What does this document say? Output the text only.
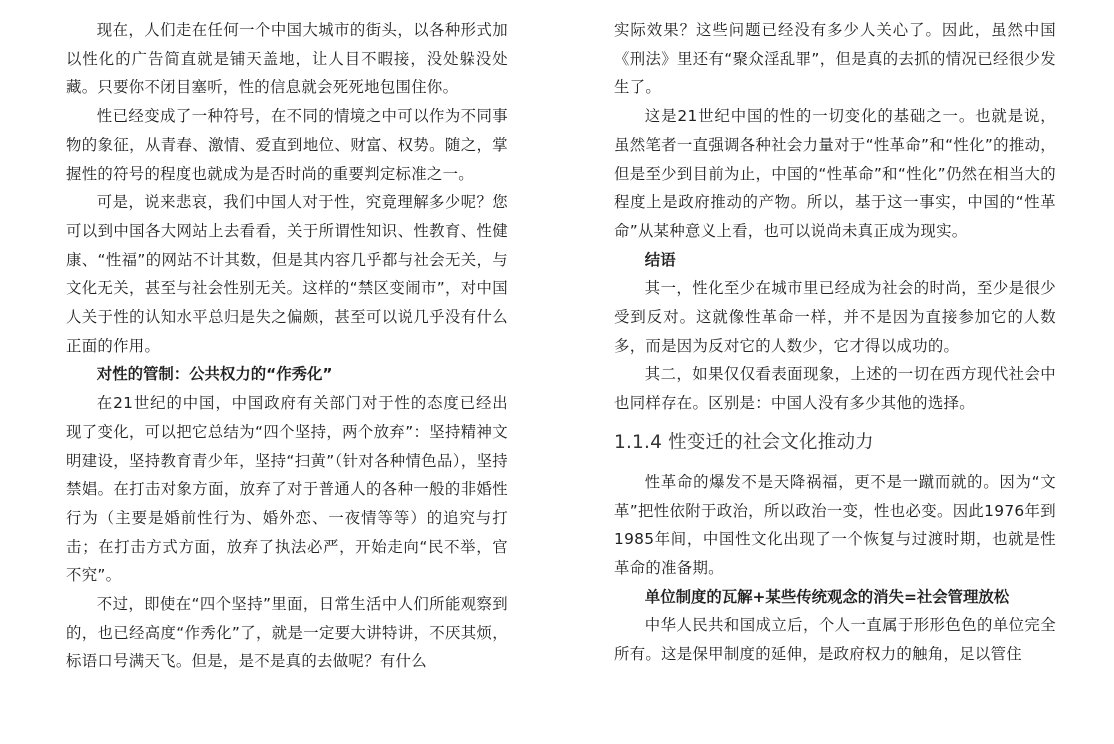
现在，人们走在任何一个中国大城市的街头，以各种形式加以性化的广告简直就是铺天盖地，让人目不暇接，没处躲没处藏。只要你不闭目塞听，性的信息就会死死地包围住你。

性已经变成了一种符号，在不同的情境之中可以作为不同事物的象征，从青春、激情、爱直到地位、财富、权势。随之，掌握性的符号的程度也就成为是否时尚的重要判定标准之一。

可是，说来悲哀，我们中国人对于性，究竟理解多少呢？您可以到中国各大网站上去看看，关于所谓性知识、性教育、性健康、“性福”的网站不计其数，但是其内容几乎都与社会无关，与文化无关，甚至与社会性别无关。这样的“禁区变闹市”，对中国人关于性的认知水平总归是失之偏颇，甚至可以说几乎没有什么正面的作用。

对性的管制：公共权力的“作秀化”

在21世纪的中国，中国政府有关部门对于性的态度已经出现了变化，可以把它总结为“四个坚持，两个放弃”：坚持精神文明建设，坚持教育青少年，坚持“扫黄”（针对各种情色品），坚持禁娼。在打击对象方面，放弃了对于普通人的各种一般的非婚性行为（主要是婚前性行为、婚外恋、一夜情等等）的追究与打击；在打击方式方面，放弃了执法必严，开始走向“民不举，官不究”。

不过，即使在“四个坚持”里面，日常生活中人们所能观察到的，也已经高度“作秀化”了，就是一定要大讲特讲，不厌其烦，标语口号满天飞。但是，是不是真的去做呢？有什么

实际效果？这些问题已经没有多少人关心了。因此，虽然中国《刑法》里还有“聚众淫乱罪”，但是真的去抓的情况已经很少发生了。

这是21世纪中国的性的一切变化的基础之一。也就是说，虽然笔者一直强调各种社会力量对于“性革命”和“性化”的推动，但是至少到目前为止，中国的“性革命”和“性化”仍然在相当大的程度上是政府推动的产物。所以，基于这一事实，中国的“性革命”从某种意义上看，也可以说尚未真正成为现实。

结语

其一，性化至少在城市里已经成为社会的时尚，至少是很少受到反对。这就像性革命一样，并不是因为直接参加它的人数多，而是因为反对它的人数少，它才得以成功的。

其二，如果仅仅看表面现象，上述的一切在西方现代社会中也同样存在。区别是：中国人没有多少其他的选择。

1.1.4 性变迁的社会文化推动力

性革命的爆发不是天降祸福，更不是一蹴而就的。因为“文革”把性依附于政治，所以政治一变，性也必变。因此1976年到1985年间，中国性文化出现了一个恢复与过渡时期，也就是性革命的准备期。

单位制度的瓦解+某些传统观念的消失=社会管理放松

中华人民共和国成立后，个人一直属于形形色色的单位完全所有。这是保甲制度的延伸，是政府权力的触角，足以管住
